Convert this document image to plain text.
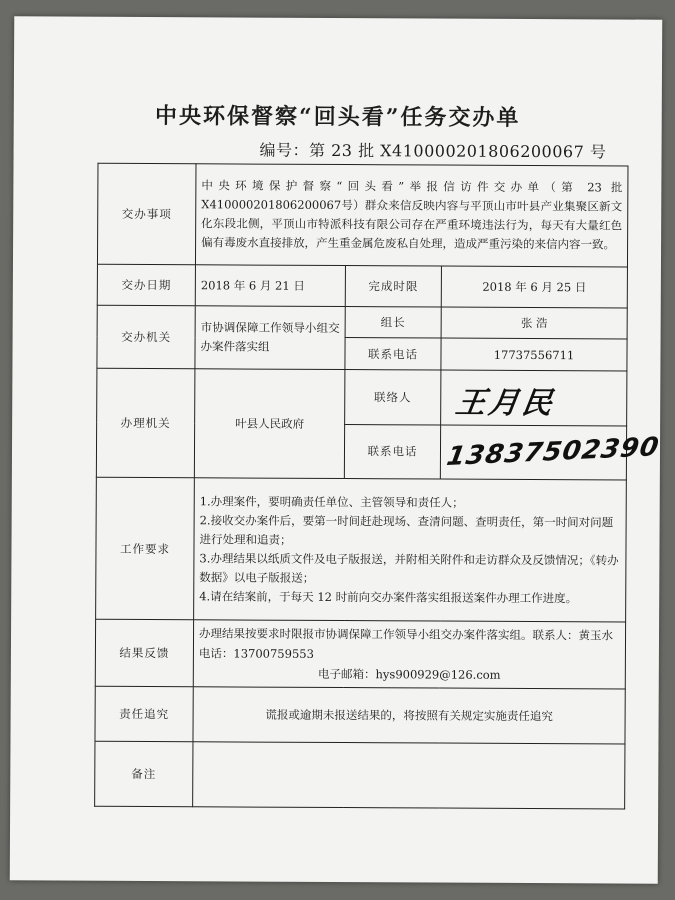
中央环保督察“回头看”任务交办单
编号：第 23 批 X410000201806200067 号
交办事项	中央环境保护督察“回头看”举报信访件交办单（第 23 批X410000201806200067号）群众来信反映内容与平顶山市叶县产业集聚区新文化东段北侧，平顶山市特派科技有限公司存在严重环境违法行为，每天有大量红色偏有毒废水直接排放，产生重金属危废私自处理，造成严重污染的来信内容一致。		
交办日期	2018 年 6 月 21 日	完成时限	2018 年 6 月 25 日
交办机关	市协调保障工作领导小组交办案件落实组	组长	张 浩
		联系电话	17737556711
办理机关	叶县人民政府	联络人	王月民
		联系电话	13837502390
工作要求	1.办理案件，要明确责任单位、主管领导和责任人；

2.接收交办案件后，要第一时间赶赴现场、查清问题、查明责任，第一时间对问题进行处理和追责；

3.办理结果以纸质文件及电子版报送，并附相关附件和走访群众及反馈情况；《转办数据》以电子版报送；

4.请在结案前，于每天 12 时前向交办案件落实组报送案件办理工作进度。		

结果反馈	办理结果按要求时限报市协调保障工作领导小组交办案件落实组。联系人：黄玉水 电话：13700759553

电子邮箱：hys900929@126.com		

责任追究	谎报或逾期未报送结果的，将按照有关规定实施责任追究		
备注			
